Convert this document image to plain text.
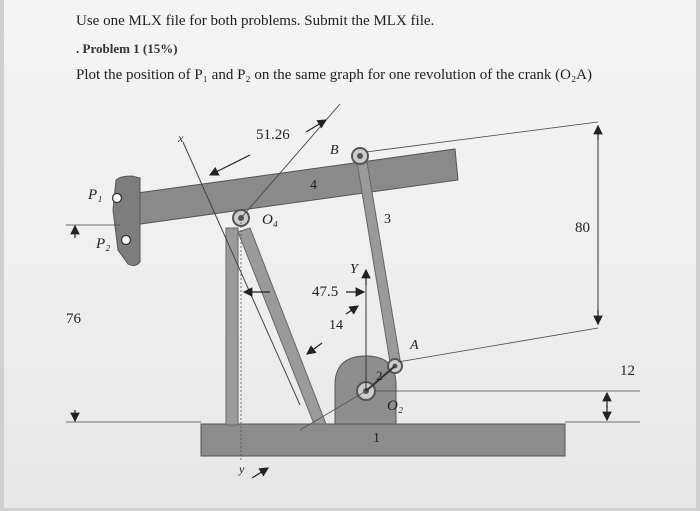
Use one MLX file for both problems. Submit the MLX file.
. Problem 1 (15%)
Plot the position of P₁ and P₂ on the same graph for one revolution of the crank (O₂A)
x
y
51.26
B
4
P₁
P₂
O₄	3
80
Y
47.5
76	14
A
2
O₂
12
1
